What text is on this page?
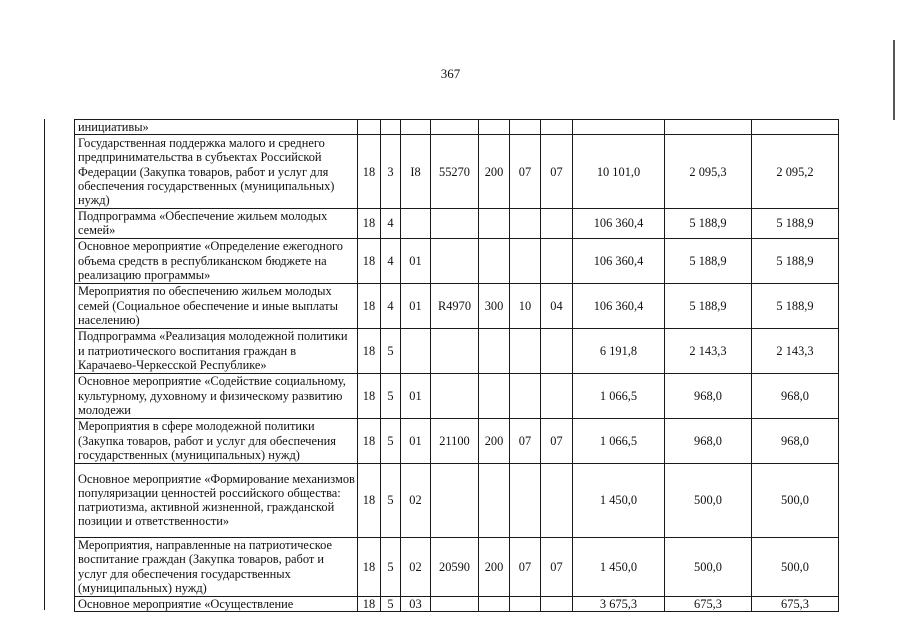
367
инициативы»										
Государственная поддержка малого и среднего предпринимательства в субъектах Российской Федерации (Закупка товаров, работ и услуг для обеспечения государственных (муниципальных) нужд)	18	3	I8	55270	200	07	07	10 101,0	2 095,3	2 095,2
Подпрограмма «Обеспечение жильем молодых семей»	18	4						106 360,4	5 188,9	5 188,9
Основное мероприятие «Определение ежегодного объема средств в республиканском бюджете на реализацию программы»	18	4	01					106 360,4	5 188,9	5 188,9
Мероприятия по обеспечению жильем молодых семей (Социальное обеспечение и иные выплаты населению)	18	4	01	R4970	300	10	04	106 360,4	5 188,9	5 188,9
Подпрограмма «Реализация молодежной политики и патриотического воспитания граждан в Карачаево-Черкесской Республике»	18	5						6 191,8	2 143,3	2 143,3
Основное мероприятие «Содействие социальному, культурному, духовному и физическому развитию молодежи	18	5	01					1 066,5	968,0	968,0
Мероприятия в сфере молодежной политики (Закупка товаров, работ и услуг для обеспечения государственных (муниципальных) нужд)	18	5	01	21100	200	07	07	1 066,5	968,0	968,0
Основное мероприятие «Формирование механизмов популяризации ценностей российского общества: патриотизма, активной жизненной, гражданской позиции и ответственности»	18	5	02					1 450,0	500,0	500,0
Мероприятия, направленные на патриотическое воспитание граждан (Закупка товаров, работ и услуг для обеспечения государственных (муниципальных) нужд)	18	5	02	20590	200	07	07	1 450,0	500,0	500,0
Основное мероприятие «Осуществление	18	5	03					3 675,3	675,3	675,3
